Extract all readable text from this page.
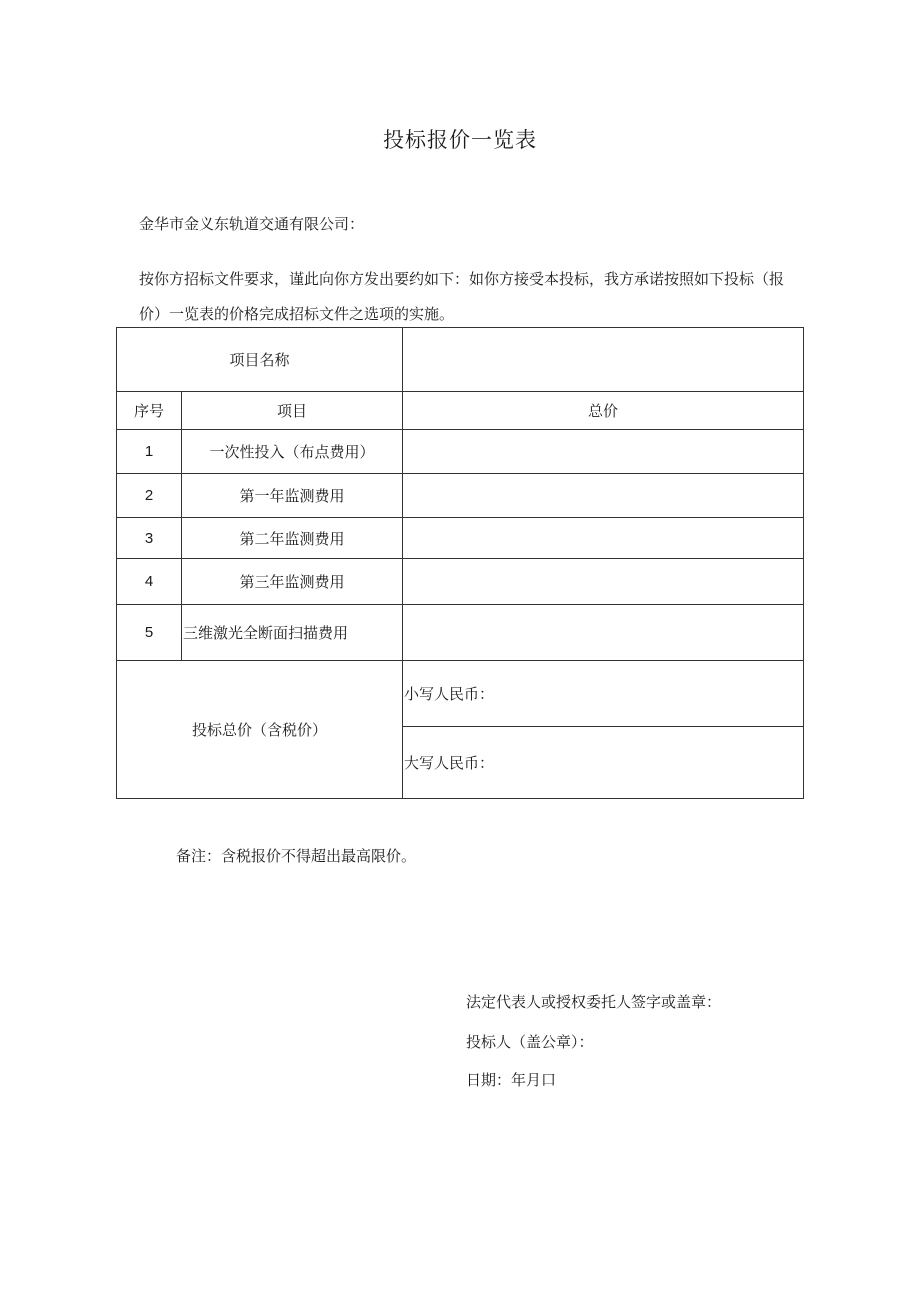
投标报价一览表
金华市金义东轨道交通有限公司：
按你方招标文件要求，谨此向你方发出要约如下：如你方接受本投标，我方承诺按照如下投标（报
价）一览表的价格完成招标文件之选项的实施。
项目名称		
序号	项目	总价
1	一次性投入（布点费用）	
2	第一年监测费用	
3	第二年监测费用	
4	第三年监测费用	
5	三维激光全断面扫描费用	
投标总价（含税价）		小写人民币：
		大写人民币：
备注：含税报价不得超出最高限价。
法定代表人或授权委托人签字或盖章：
投标人（盖公章）：
日期：年月口
